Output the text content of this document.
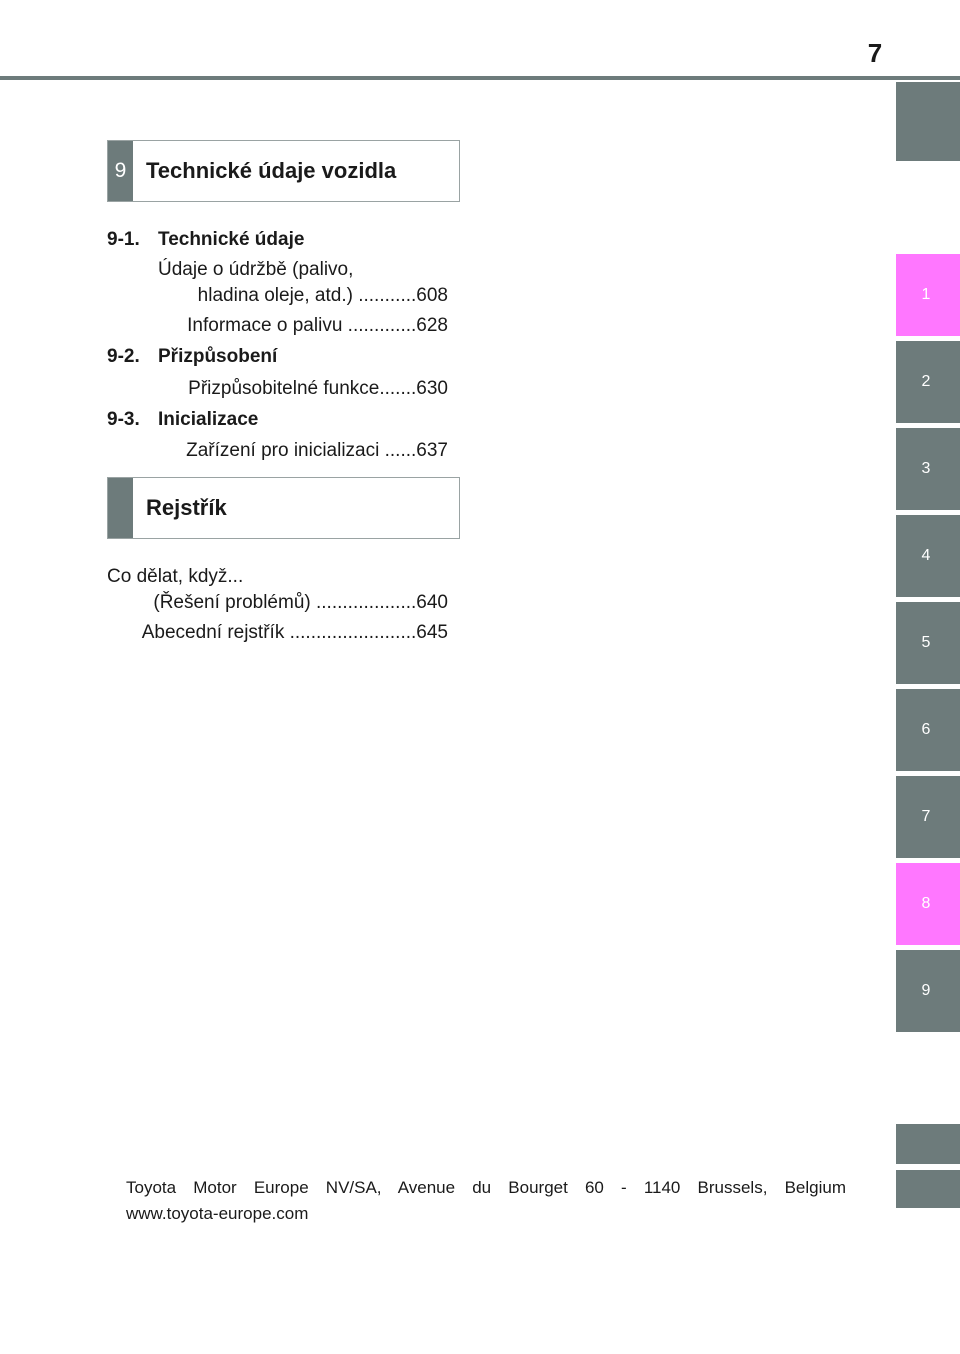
7
1
2
3
4
5
6
7
8
9
9 Technické údaje vozidla
9-1. Technické údaje
Údaje o údržbě (palivo,
hladina oleje, atd.) ...........608
Informace o palivu .............628
9-2. Přizpůsobení
Přizpůsobitelné funkce.......630
9-3. Inicializace
Zařízení pro inicializaci ......637
Rejstřík
Co dělat, když...
(Řešení problémů) ...................640
Abecední rejstřík ........................645
Toyota Motor Europe NV/SA, Avenue du Bourget 60 - 1140 Brussels, Belgium
www.toyota-europe.com
